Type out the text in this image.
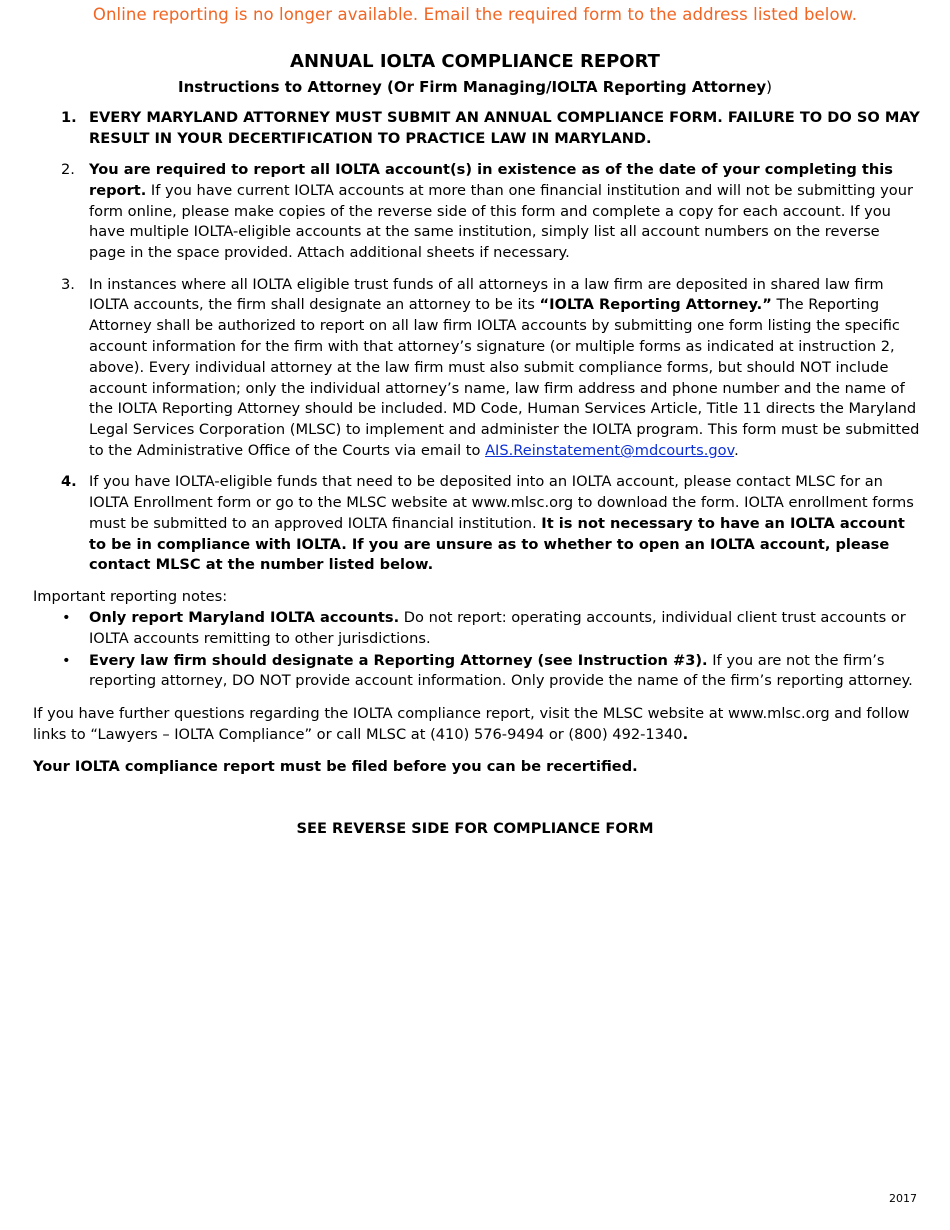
Online reporting is no longer available. Email the required form to the address listed below.
ANNUAL IOLTA COMPLIANCE REPORT
Instructions to Attorney (Or Firm Managing/IOLTA Reporting Attorney)
1. EVERY MARYLAND ATTORNEY MUST SUBMIT AN ANNUAL COMPLIANCE FORM. FAILURE TO DO SO MAY RESULT IN YOUR DECERTIFICATION TO PRACTICE LAW IN MARYLAND.
2. You are required to report all IOLTA account(s) in existence as of the date of your completing this report. If you have current IOLTA accounts at more than one financial institution and will not be submitting your form online, please make copies of the reverse side of this form and complete a copy for each account. If you have multiple IOLTA-eligible accounts at the same institution, simply list all account numbers on the reverse page in the space provided. Attach additional sheets if necessary.
3. In instances where all IOLTA eligible trust funds of all attorneys in a law firm are deposited in shared law firm IOLTA accounts, the firm shall designate an attorney to be its “IOLTA Reporting Attorney.” The Reporting Attorney shall be authorized to report on all law firm IOLTA accounts by submitting one form listing the specific account information for the firm with that attorney’s signature (or multiple forms as indicated at instruction 2, above). Every individual attorney at the law firm must also submit compliance forms, but should NOT include account information; only the individual attorney’s name, law firm address and phone number and the name of the IOLTA Reporting Attorney should be included. MD Code, Human Services Article, Title 11 directs the Maryland Legal Services Corporation (MLSC) to implement and administer the IOLTA program. This form must be submitted to the Administrative Office of the Courts via email to AIS.Reinstatement@mdcourts.gov.
4. If you have IOLTA-eligible funds that need to be deposited into an IOLTA account, please contact MLSC for an IOLTA Enrollment form or go to the MLSC website at www.mlsc.org to download the form. IOLTA enrollment forms must be submitted to an approved IOLTA financial institution. It is not necessary to have an IOLTA account to be in compliance with IOLTA. If you are unsure as to whether to open an IOLTA account, please contact MLSC at the number listed below.
Important reporting notes:
• Only report Maryland IOLTA accounts. Do not report: operating accounts, individual client trust accounts or IOLTA accounts remitting to other jurisdictions.
• Every law firm should designate a Reporting Attorney (see Instruction #3). If you are not the firm’s reporting attorney, DO NOT provide account information. Only provide the name of the firm’s reporting attorney.
If you have further questions regarding the IOLTA compliance report, visit the MLSC website at www.mlsc.org and follow links to “Lawyers – IOLTA Compliance” or call MLSC at (410) 576-9494 or (800) 492-1340.
Your IOLTA compliance report must be filed before you can be recertified.
SEE REVERSE SIDE FOR COMPLIANCE FORM
2017
